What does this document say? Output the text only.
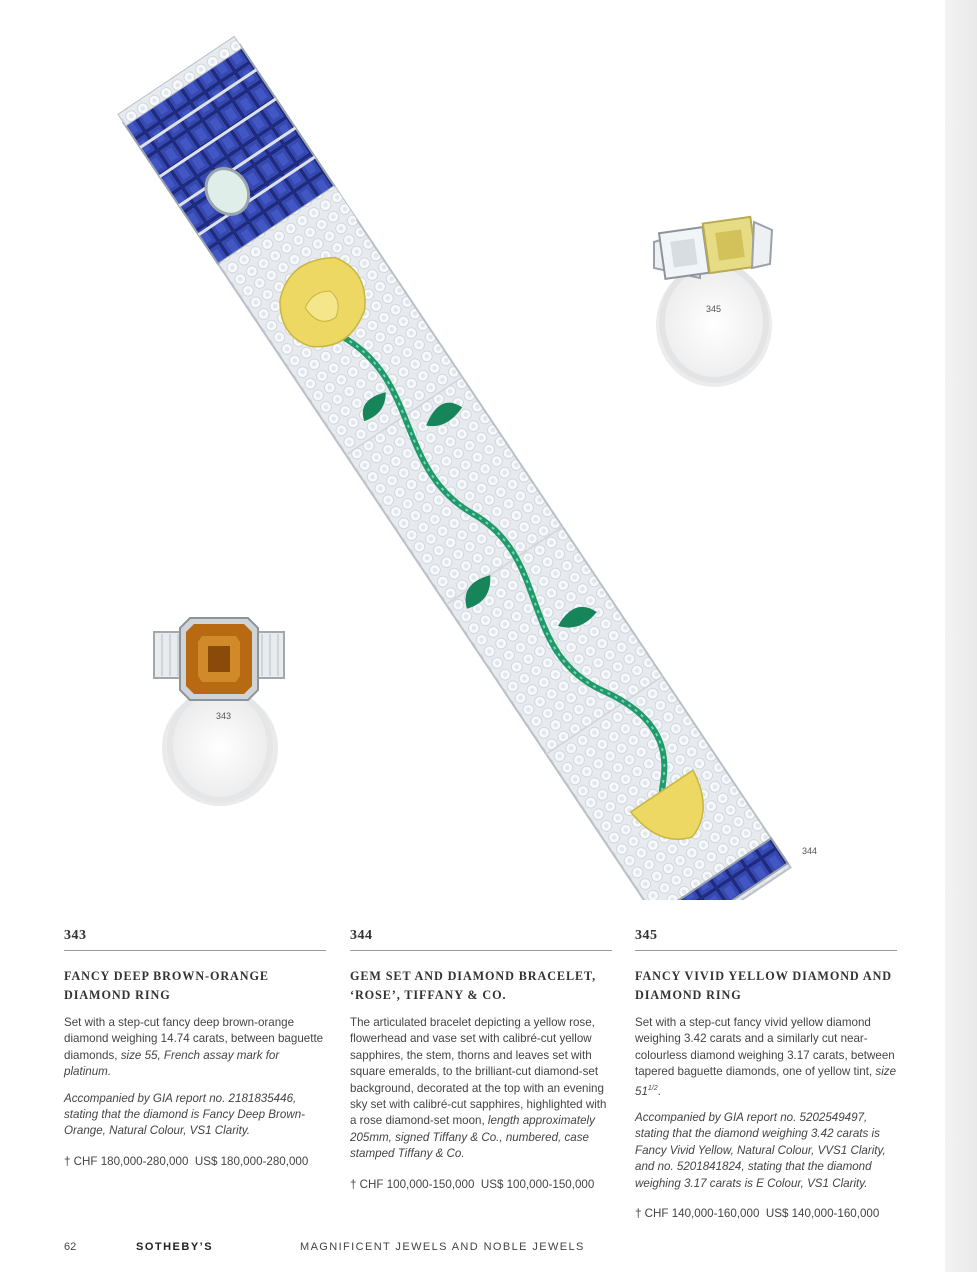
345
343
344
343
FANCY DEEP BROWN-ORANGE
DIAMOND RING

Set with a step-cut fancy deep brown-orange diamond weighing 14.74 carats, between baguette diamonds, size 55, French assay mark for platinum.

Accompanied by GIA report no. 2181835446, stating that the diamond is Fancy Deep Brown-Orange, Natural Colour, VS1 Clarity.

† CHF 180,000-280,000  US$ 180,000-280,000

344
GEM SET AND DIAMOND BRACELET,
‘ROSE’, TIFFANY & CO.

The articulated bracelet depicting a yellow rose, flowerhead and vase set with calibré-cut yellow sapphires, the stem, thorns and leaves set with square emeralds, to the brilliant-cut diamond-set background, decorated at the top with an evening sky set with calibré-cut sapphires, highlighted with a rose diamond-set moon, length approximately 205mm, signed Tiffany & Co., numbered, case stamped Tiffany & Co.

† CHF 100,000-150,000  US$ 100,000-150,000

345
FANCY VIVID YELLOW DIAMOND AND
DIAMOND RING

Set with a step-cut fancy vivid yellow diamond weighing 3.42 carats and a similarly cut near-colourless diamond weighing 3.17 carats, between tapered baguette diamonds, one of yellow tint, size $51^{1/2}$.

Accompanied by GIA report no. 5202549497, stating that the diamond weighing 3.42 carats is Fancy Vivid Yellow, Natural Colour, VVS1 Clarity, and no. 5201841824, stating that the diamond weighing 3.17 carats is E Colour, VS1 Clarity.

† CHF 140,000-160,000  US$ 140,000-160,000

62	SOTHEBY’S	MAGNIFICENT JEWELS AND NOBLE JEWELS
